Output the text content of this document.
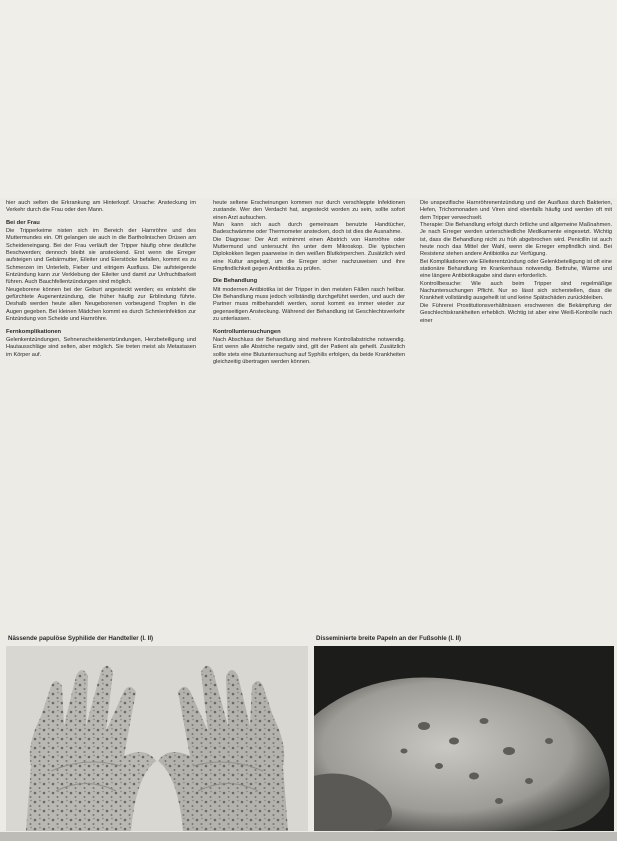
hier auch selten die Erkrankung am Hinterkopf. Ursache: Ansteckung im Verkehr durch die Frau oder den Mann.

Bei der Frau

Die Tripperkeime nisten sich im Bereich der Harnröhre und des Muttermundes ein. Oft gelangen sie auch in die Bartholinischen Drüsen am Scheideneingang. Bei der Frau verläuft der Tripper häufig ohne deutliche Beschwerden; dennoch bleibt sie ansteckend. Erst wenn die Erreger aufsteigen und Gebärmutter, Eileiter und Eierstöcke befallen, kommt es zu Schmerzen im Unterleib, Fieber und eitrigem Ausfluss. Die aufsteigende Entzündung kann zur Verklebung der Eileiter und damit zur Unfruchtbarkeit führen. Auch Bauchfellentzündungen sind möglich.

Neugeborene können bei der Geburt angesteckt werden; es entsteht die gefürchtete Augenentzündung, die früher häufig zur Erblindung führte. Deshalb werden heute allen Neugeborenen vorbeugend Tropfen in die Augen gegeben. Bei kleinen Mädchen kommt es durch Schmierinfektion zur Entzündung von Scheide und Harnröhre.

Fernkomplikationen

Gelenkentzündungen, Sehnenscheidenentzündungen, Herzbeteiligung und Hautausschläge sind selten, aber möglich. Sie treten meist als Metastasen im Körper auf.

heute seltene Erscheinungen kommen nur durch verschleppte Infektionen zustande. Wer den Verdacht hat, angesteckt worden zu sein, sollte sofort einen Arzt aufsuchen.

Man kann sich auch durch gemeinsam benutzte Handtücher, Badeschwämme oder Thermometer anstecken, doch ist dies die Ausnahme.

Die Diagnose: Der Arzt entnimmt einen Abstrich von Harnröhre oder Muttermund und untersucht ihn unter dem Mikroskop. Die typischen Diplokokken liegen paarweise in den weißen Blutkörperchen. Zusätzlich wird eine Kultur angelegt, um die Erreger sicher nachzuweisen und ihre Empfindlichkeit gegen Antibiotika zu prüfen.

Die Behandlung

Mit modernen Antibiotika ist der Tripper in den meisten Fällen rasch heilbar. Die Behandlung muss jedoch vollständig durchgeführt werden, und auch der Partner muss mitbehandelt werden, sonst kommt es immer wieder zur gegenseitigen Ansteckung. Während der Behandlung ist Geschlechtsverkehr zu unterlassen.

Kontrolluntersuchungen

Nach Abschluss der Behandlung sind mehrere Kontrollabstriche notwendig. Erst wenn alle Abstriche negativ sind, gilt der Patient als geheilt. Zusätzlich sollte stets eine Blutuntersuchung auf Syphilis erfolgen, da beide Krankheiten gleichzeitig übertragen werden können.

Die unspezifische Harnröhrenentzündung und der Ausfluss durch Bakterien, Hefen, Trichomonaden und Viren sind ebenfalls häufig und werden oft mit dem Tripper verwechselt.

Therapie: Die Behandlung erfolgt durch örtliche und allgemeine Maßnahmen. Je nach Erreger werden unterschiedliche Medikamente eingesetzt. Wichtig ist, dass die Behandlung nicht zu früh abgebrochen wird. Penicillin ist auch heute noch das Mittel der Wahl, wenn die Erreger empfindlich sind. Bei Resistenz stehen andere Antibiotika zur Verfügung.

Bei Komplikationen wie Eileiterentzündung oder Gelenkbeteiligung ist oft eine stationäre Behandlung im Krankenhaus notwendig. Bettruhe, Wärme und eine längere Antibiotikagabe sind dann erforderlich.

Kontrollbesuche: Wie auch beim Tripper sind regelmäßige Nachuntersuchungen Pflicht. Nur so lässt sich sicherstellen, dass die Krankheit vollständig ausgeheilt ist und keine Spätschäden zurückbleiben.

Die Führerei Prostitutionsverhältnissen erschweren die Bekämpfung der Geschlechtskrankheiten erheblich. Wichtig ist aber eine Weiß-Kontrolle nach einer

Nässende papulöse Syphilide der Handteller (I. II)	Disseminierte breite Papeln an der Fußsohle (I. II)
